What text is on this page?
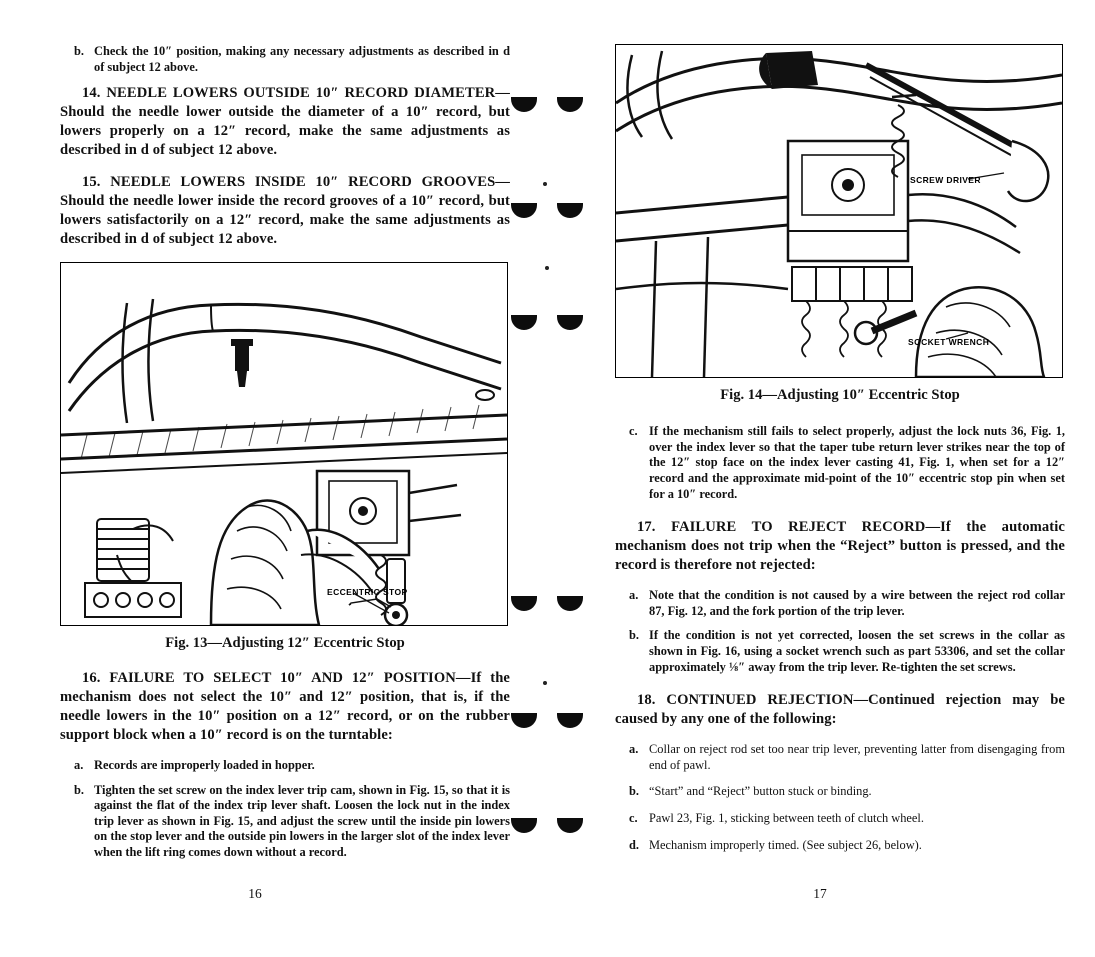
b. Check the 10″ position, making any necessary adjustments as described in d of subject 12 above.

14. NEEDLE LOWERS OUTSIDE 10″ RECORD DIAMETER—Should the needle lower outside the diameter of a 10″ record, but lowers properly on a 12″ record, make the same adjustments as described in d of subject 12 above.

15. NEEDLE LOWERS INSIDE 10″ RECORD GROOVES—Should the needle lower inside the record grooves of a 10″ record, but lowers satisfactorily on a 12″ record, make the same adjustments as described in d of subject 12 above.

ECCENTRIC STOP
Fig. 13—Adjusting 12″ Eccentric Stop

16. FAILURE TO SELECT 10″ AND 12″ POSITION—If the mechanism does not select the 10″ and 12″ position, that is, if the needle lowers in the 10″ position on a 12″ record, or on the rubber support block when a 10″ record is on the turntable:

a. Records are improperly loaded in hopper.
b. Tighten the set screw on the index lever trip cam, shown in Fig. 15, so that it is against the flat of the index trip lever shaft. Loosen the lock nut in the index trip lever as shown in Fig. 15, and adjust the screw until the inside pin lowers on the stop lever and the outside pin lowers in the larger slot of the index lever when the lift ring comes down without a record.
16
SCREW DRIVER
SOCKET WRENCH
Fig. 14—Adjusting 10″ Eccentric Stop
c. If the mechanism still fails to select properly, adjust the lock nuts 36, Fig. 1, over the index lever so that the taper tube return lever strikes near the top of the 12″ stop face on the index lever casting 41, Fig. 1, when set for a 12″ record and the approximate mid-point of the 10″ eccentric stop pin when set for a 10″ record.

17. FAILURE TO REJECT RECORD—If the automatic mechanism does not trip when the “Reject” button is pressed, and the record is therefore not rejected:

a. Note that the condition is not caused by a wire between the reject rod collar 87, Fig. 12, and the fork portion of the trip lever.
b. If the condition is not yet corrected, loosen the set screws in the collar as shown in Fig. 16, using a socket wrench such as part 53306, and set the collar approximately ⅛″ away from the trip lever. Re-tighten the set screws.

18. CONTINUED REJECTION—Continued rejection may be caused by any one of the following:

a. Collar on reject rod set too near trip lever, preventing latter from disengaging from end of pawl.
b. “Start” and “Reject” button stuck or binding.
c. Pawl 23, Fig. 1, sticking between teeth of clutch wheel.
d. Mechanism improperly timed. (See subject 26, below).
17
